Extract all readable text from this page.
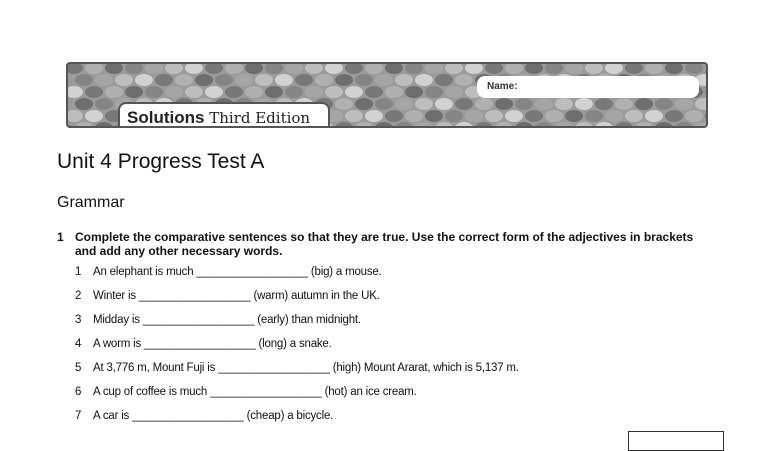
Name:
Solutions Third Edition
Unit 4 Progress Test A
Grammar
1 Complete the comparative sentences so that they are true. Use the correct form of the adjectives in brackets and add any other necessary words.
1 An elephant is much __________________ (big) a mouse.
2 Winter is __________________ (warm) autumn in the UK.
3 Midday is __________________ (early) than midnight.
4 A worm is __________________ (long) a snake.
5 At 3,776 m, Mount Fuji is __________________ (high) Mount Ararat, which is 5,137 m.
6 A cup of coffee is much __________________ (hot) an ice cream.
7 A car is __________________ (cheap) a bicycle.
